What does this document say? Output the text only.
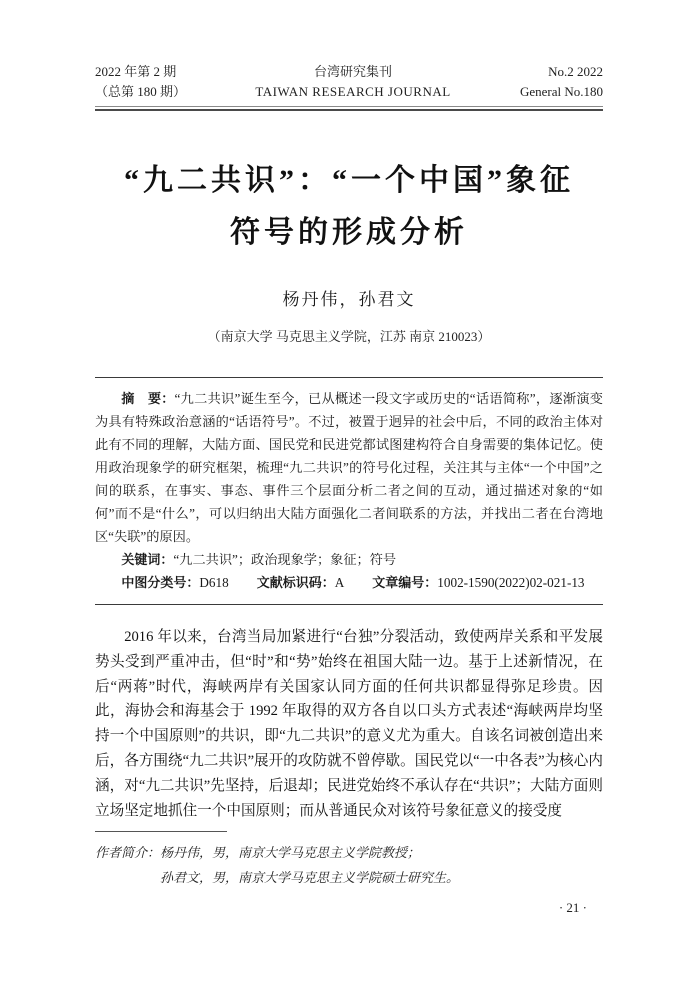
2022 年第 2 期
（总第 180 期）
台湾研究集刊
TAIWAN RESEARCH JOURNAL
No.2 2022
General No.180
“九二共识”：“一个中国”象征
符号的形成分析
杨丹伟，孙君文
（南京大学 马克思主义学院，江苏 南京 210023）

摘　要：“九二共识”诞生至今，已从概述一段文字或历史的“话语简称”，逐渐演变为具有特殊政治意涵的“话语符号”。不过，被置于迥异的社会中后，不同的政治主体对此有不同的理解，大陆方面、国民党和民进党都试图建构符合自身需要的集体记忆。使用政治现象学的研究框架，梳理“九二共识”的符号化过程，关注其与主体“一个中国”之间的联系，在事实、事态、事件三个层面分析二者之间的互动，通过描述对象的“如何”而不是“什么”，可以归纳出大陆方面强化二者间联系的方法，并找出二者在台湾地区“失联”的原因。

关键词：“九二共识”；政治现象学；象征；符号

中图分类号：D618 文献标识码：A 文章编号：1002-1590(2022)02-021-13

2016 年以来，台湾当局加紧进行“台独”分裂活动，致使两岸关系和平发展势头受到严重冲击，但“时”和“势”始终在祖国大陆一边。基于上述新情况，在后“两蒋”时代，海峡两岸有关国家认同方面的任何共识都显得弥足珍贵。因此，海协会和海基会于 1992 年取得的双方各自以口头方式表述“海峡两岸均坚持一个中国原则”的共识，即“九二共识”的意义尤为重大。自该名词被创造出来后，各方围绕“九二共识”展开的攻防就不曾停歇。国民党以“一中各表”为核心内涵，对“九二共识”先坚持，后退却；民进党始终不承认存在“共识”；大陆方面则立场坚定地抓住一个中国原则；而从普通民众对该符号象征意义的接受度

作者简介：杨丹伟，男，南京大学马克思主义学院教授；

孙君文，男，南京大学马克思主义学院硕士研究生。

· 21 ·
